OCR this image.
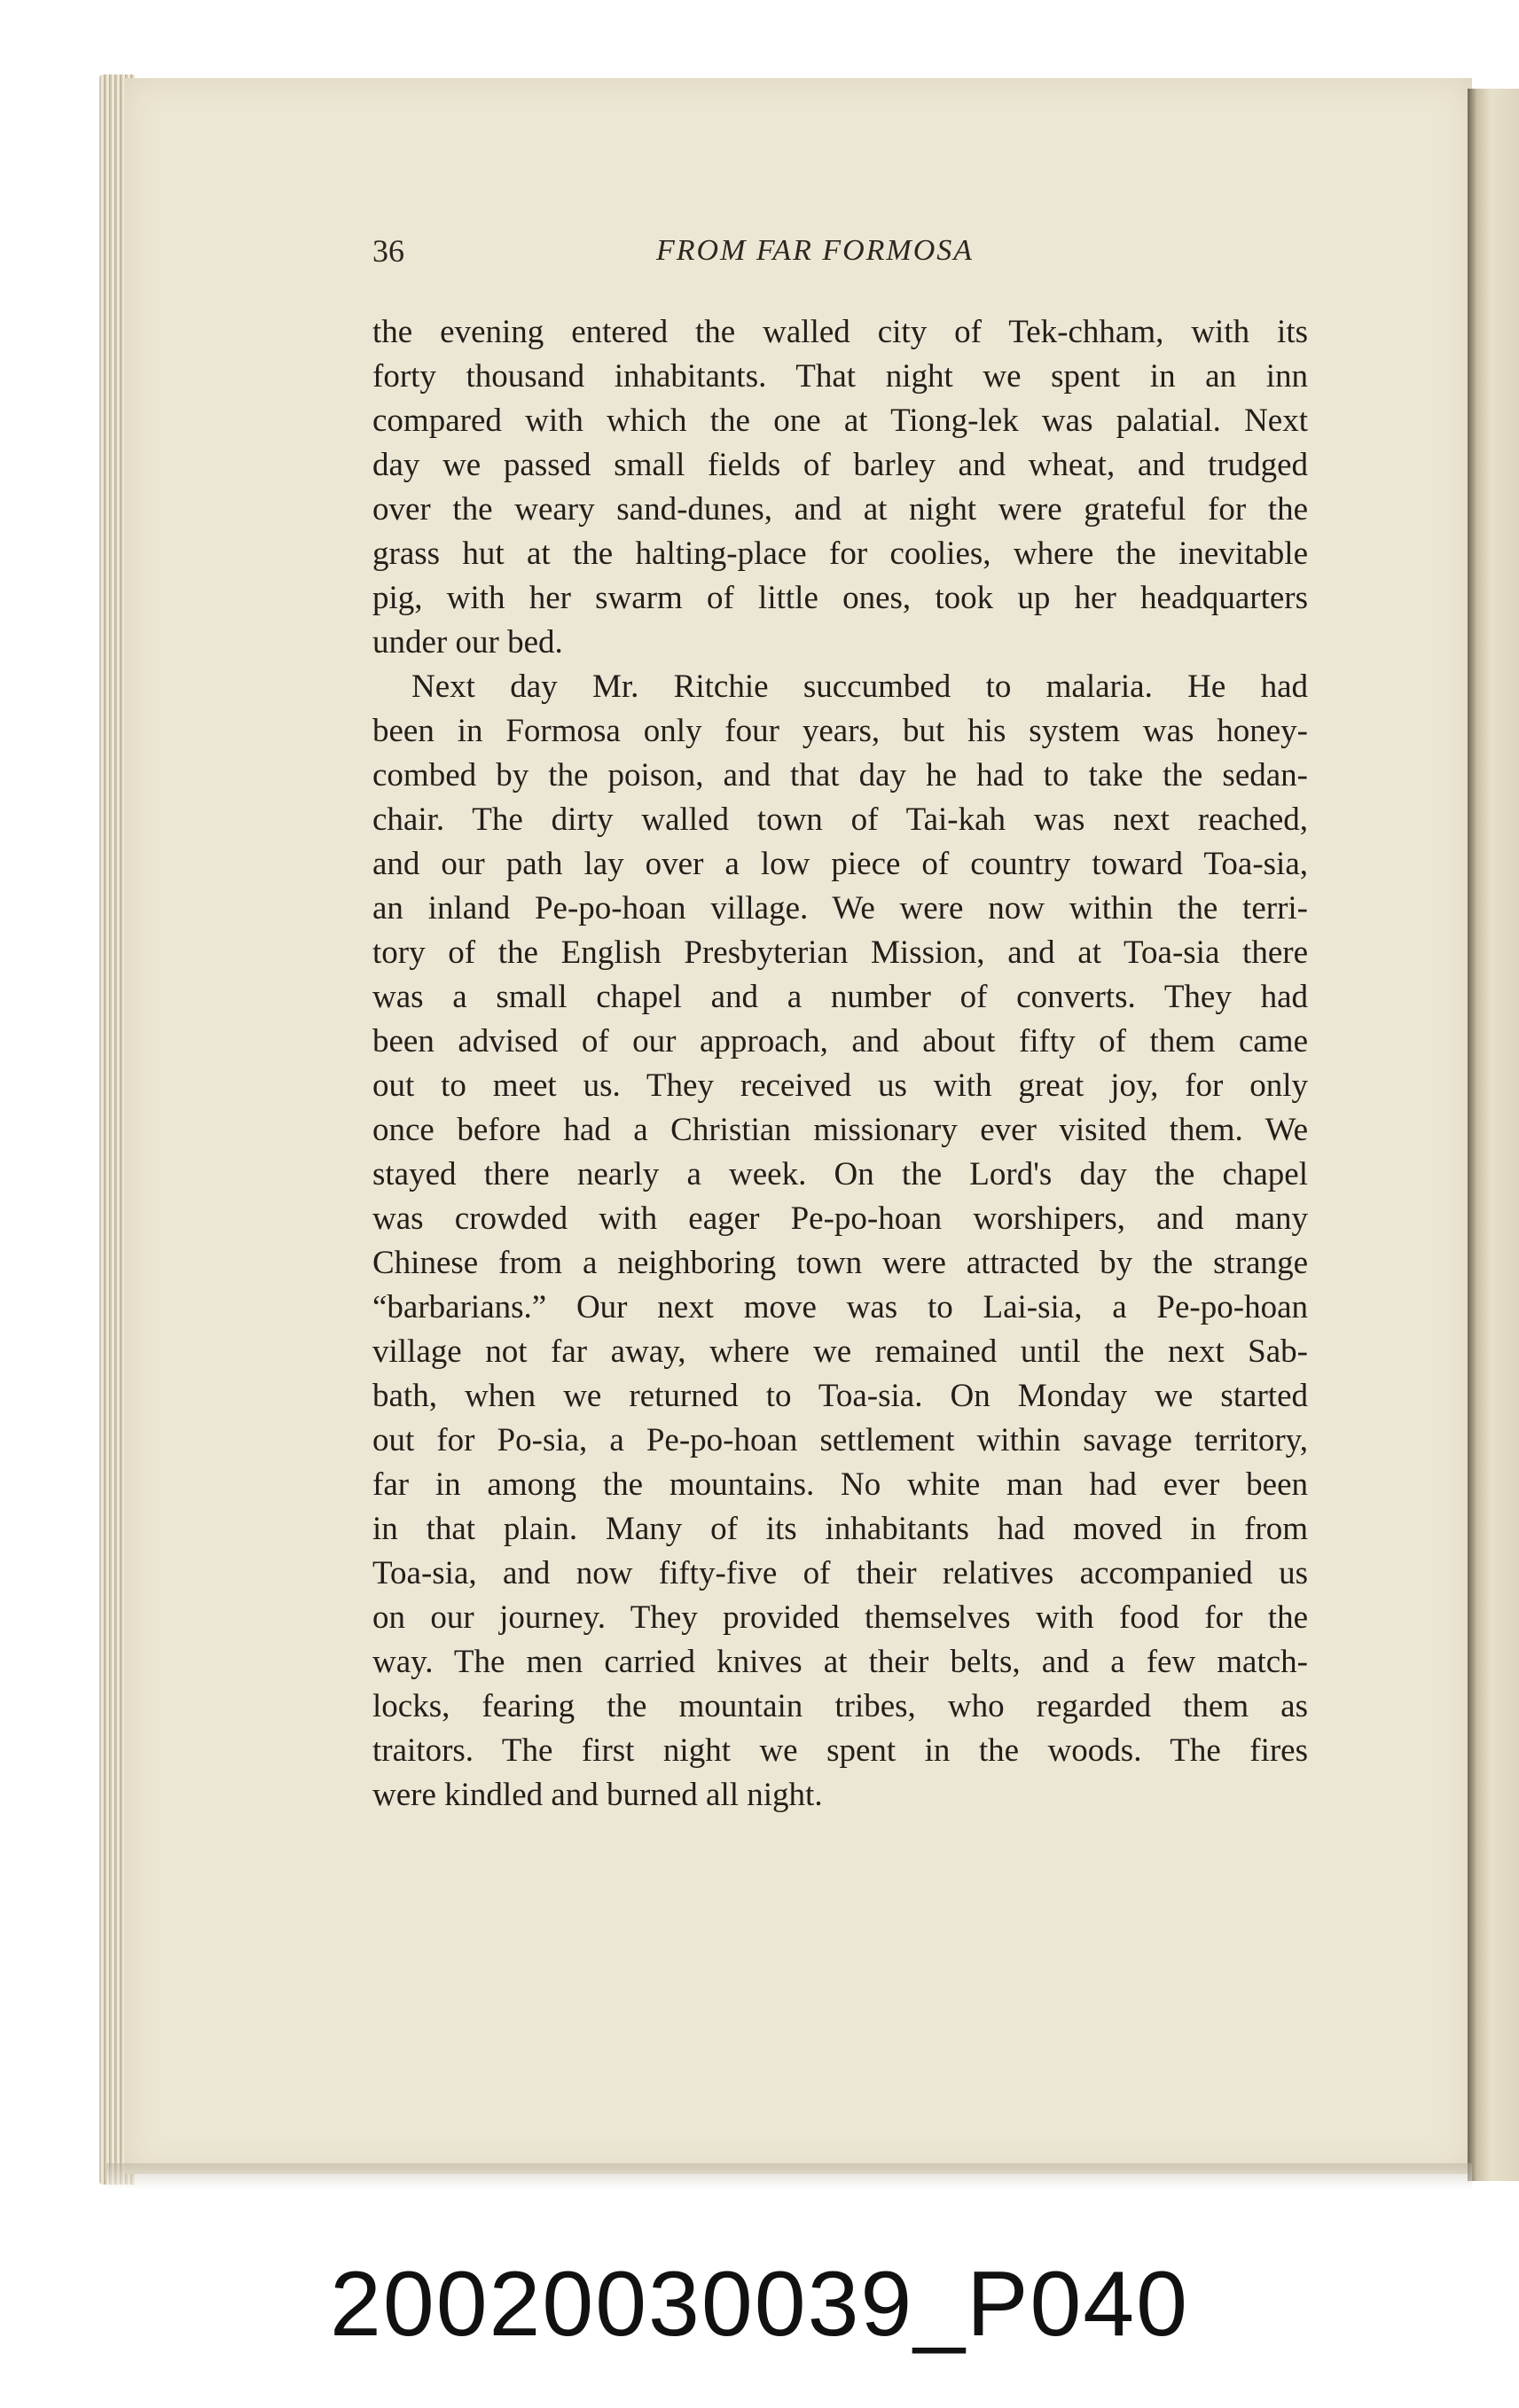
36	FROM FAR FORMOSA
the evening entered the walled city of Tek-chham, with its
forty thousand inhabitants. That night we spent in an inn
compared with which the one at Tiong-lek was palatial. Next
day we passed small fields of barley and wheat, and trudged
over the weary sand-dunes, and at night were grateful for the
grass hut at the halting-place for coolies, where the inevitable
pig, with her swarm of little ones, took up her headquarters
under our bed.
Next day Mr. Ritchie succumbed to malaria. He had
been in Formosa only four years, but his system was honey-
combed by the poison, and that day he had to take the sedan-
chair. The dirty walled town of Tai-kah was next reached,
and our path lay over a low piece of country toward Toa-sia,
an inland Pe-po-hoan village. We were now within the terri-
tory of the English Presbyterian Mission, and at Toa-sia there
was a small chapel and a number of converts. They had
been advised of our approach, and about fifty of them came
out to meet us. They received us with great joy, for only
once before had a Christian missionary ever visited them. We
stayed there nearly a week. On the Lord's day the chapel
was crowded with eager Pe-po-hoan worshipers, and many
Chinese from a neighboring town were attracted by the strange
“barbarians.” Our next move was to Lai-sia, a Pe-po-hoan
village not far away, where we remained until the next Sab-
bath, when we returned to Toa-sia. On Monday we started
out for Po-sia, a Pe-po-hoan settlement within savage territory,
far in among the mountains. No white man had ever been
in that plain. Many of its inhabitants had moved in from
Toa-sia, and now fifty-five of their relatives accompanied us
on our journey. They provided themselves with food for the
way. The men carried knives at their belts, and a few match-
locks, fearing the mountain tribes, who regarded them as
traitors. The first night we spent in the woods. The fires
were kindled and burned all night.
20020030039_P040
